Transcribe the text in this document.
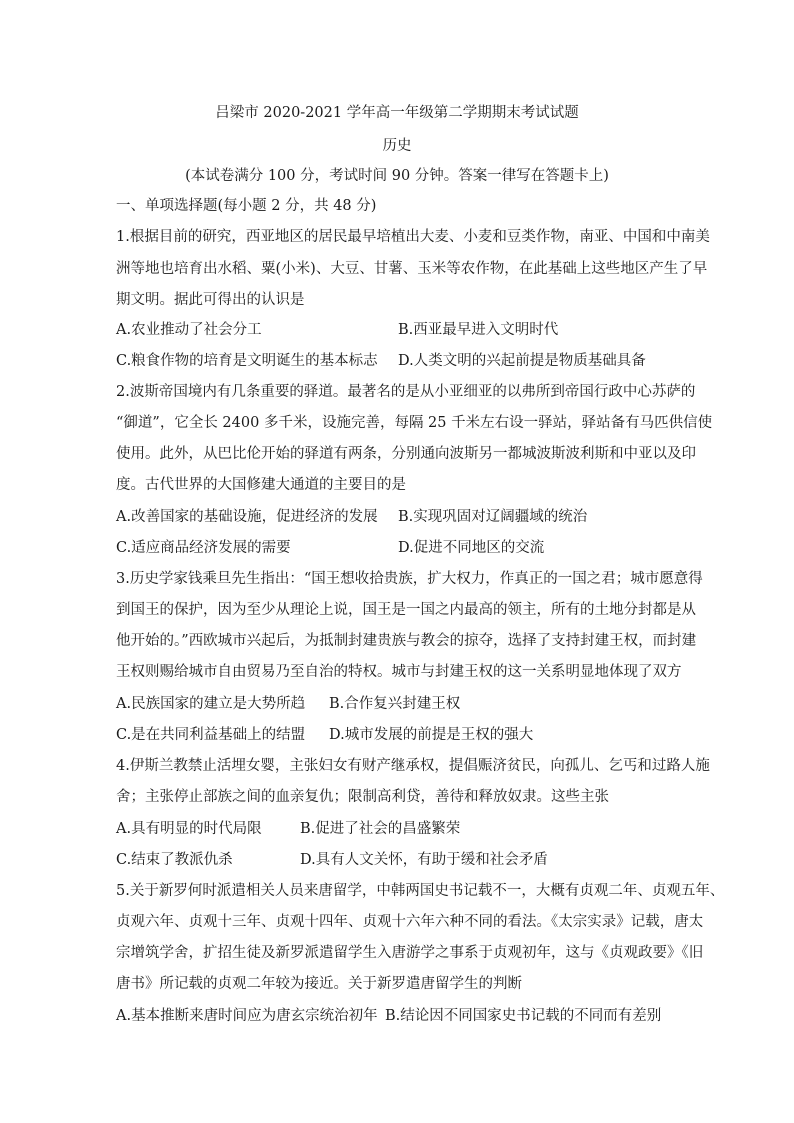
吕梁市 2020-2021 学年高一年级第二学期期末考试试题
历史
(本试卷满分 100 分，考试时间 90 分钟。答案一律写在答题卡上)
一、单项选择题(每小题 2 分，共 48 分)
1.根据目前的研究，西亚地区的居民最早培植出大麦、小麦和豆类作物，南亚、中国和中南美
洲等地也培育出水稻、粟(小米)、大豆、甘薯、玉米等农作物，在此基础上这些地区产生了早
期文明。据此可得出的认识是
A.农业推动了社会分工	B.西亚最早进入文明时代
C.粮食作物的培育是文明诞生的基本标志 D.人类文明的兴起前提是物质基础具备
2.波斯帝国境内有几条重要的驿道。最著名的是从小亚细亚的以弗所到帝国行政中心苏萨的
“御道”，它全长 2400 多千米，设施完善，每隔 25 千米左右设一驿站，驿站备有马匹供信使
使用。此外，从巴比伦开始的驿道有两条，分别通向波斯另一都城波斯波利斯和中亚以及印
度。古代世界的大国修建大通道的主要目的是
A.改善国家的基础设施，促进经济的发展 B.实现巩固对辽阔疆域的统治
C.适应商品经济发展的需要	D.促进不同地区的交流
3.历史学家钱乘旦先生指出：“国王想收拾贵族，扩大权力，作真正的一国之君；城市愿意得
到国王的保护，因为至少从理论上说，国王是一国之内最高的领主，所有的土地分封都是从
他开始的。”西欧城市兴起后，为抵制封建贵族与教会的掠夺，选择了支持封建王权，而封建
王权则赐给城市自由贸易乃至自治的特权。城市与封建王权的这一关系明显地体现了双方
A.民族国家的建立是大势所趋 B.合作复兴封建王权
C.是在共同利益基础上的结盟 D.城市发展的前提是王权的强大
4.伊斯兰教禁止活埋女婴，主张妇女有财产继承权，提倡赈济贫民，向孤儿、乞丐和过路人施
舍；主张停止部族之间的血亲复仇；限制高利贷，善待和释放奴隶。这些主张
A.具有明显的时代局限	B.促进了社会的昌盛繁荣
C.结束了教派仇杀	D.具有人文关怀，有助于缓和社会矛盾
5.关于新罗何时派遣相关人员来唐留学，中韩两国史书记载不一，大概有贞观二年、贞观五年、
贞观六年、贞观十三年、贞观十四年、贞观十六年六种不同的看法。《太宗实录》记载，唐太
宗增筑学舍，扩招生徒及新罗派遣留学生入唐游学之事系于贞观初年，这与《贞观政要》《旧
唐书》所记载的贞观二年较为接近。关于新罗遣唐留学生的判断
A.基本推断来唐时间应为唐玄宗统治初年 B.结论因不同国家史书记载的不同而有差别
